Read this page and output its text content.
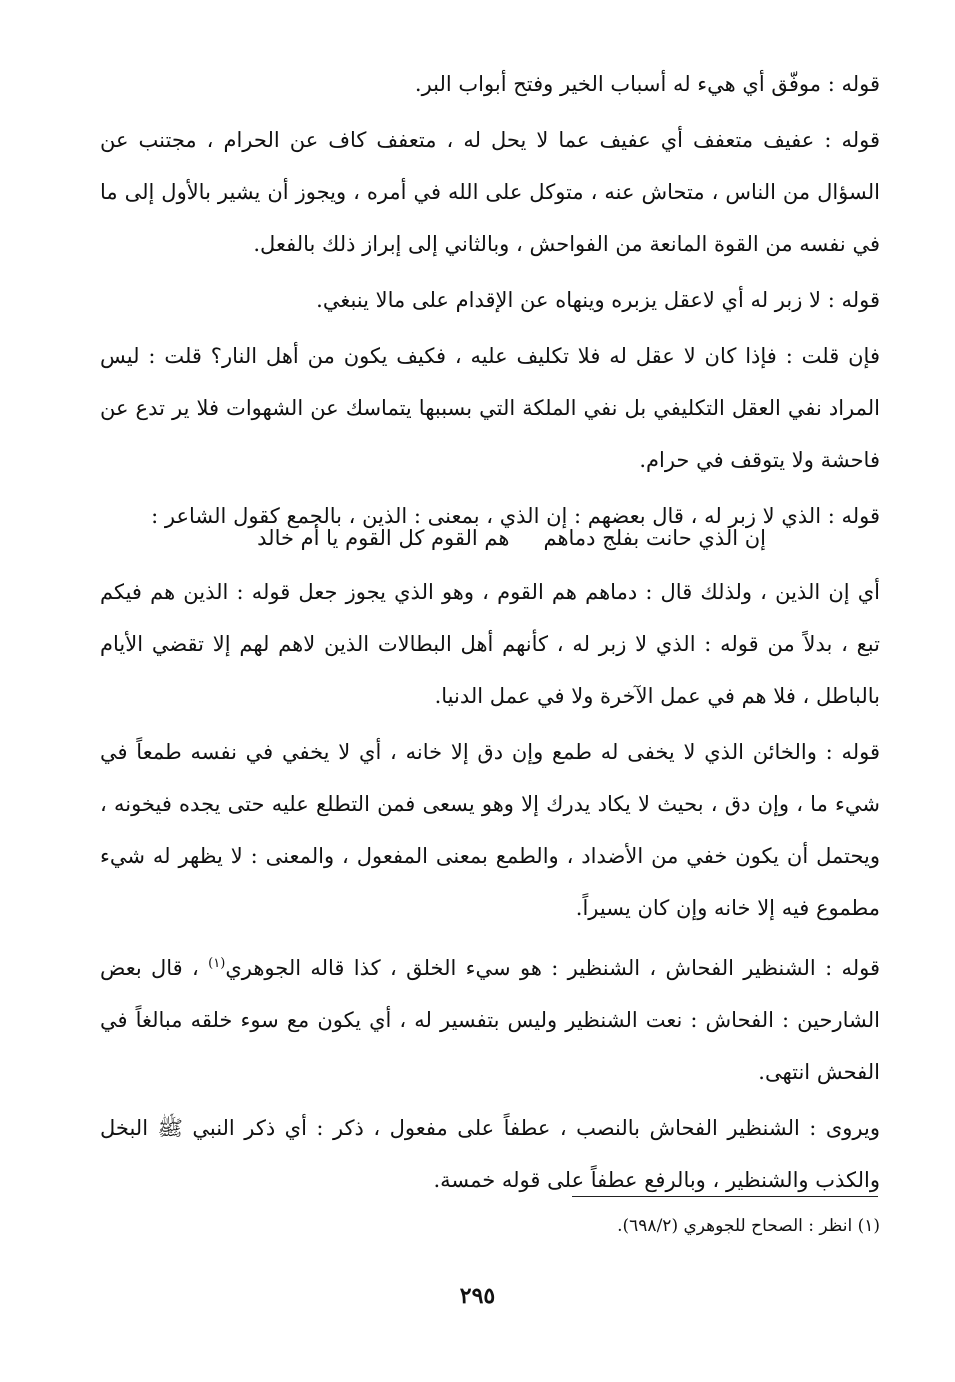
قوله : موفّق أي هيء له أسباب الخير وفتح أبواب البر.

قوله : عفيف متعفف أي عفيف عما لا يحل له ، متعفف كاف عن الحرام ، مجتنب عن السؤال من الناس ، متحاش عنه ، متوكل على الله في أمره ، ويجوز أن يشير بالأول إلى ما في نفسه من القوة المانعة من الفواحش ، وبالثاني إلى إبراز ذلك بالفعل.

قوله : لا زبر له أي لاعقل يزبره وينهاه عن الإقدام على مالا ينبغي.

فإن قلت : فإذا كان لا عقل له فلا تكليف عليه ، فكيف يكون من أهل النار؟ قلت : ليس المراد نفي العقل التكليفي بل نفي الملكة التي بسببها يتماسك عن الشهوات فلا ير تدع عن فاحشة ولا يتوقف في حرام.

قوله : الذي لا زبر له ، قال بعضهم : إن الذي ، بمعنى : الذين ، بالجمع كقول الشاعر :

إن الذي حانت بفلج دماهم
هم القوم كل القوم يا أم خالد

أي إن الذين ، ولذلك قال : دماهم هم القوم ، وهو الذي يجوز جعل قوله : الذين هم فيكم تبع ، بدلاً من قوله : الذي لا زبر له ، كأنهم أهل البطالات الذين لاهم لهم إلا تقضي الأيام بالباطل ، فلا هم في عمل الآخرة ولا في عمل الدنيا.

قوله : والخائن الذي لا يخفى له طمع وإن دق إلا خانه ، أي لا يخفي في نفسه طمعاً في شيء ما ، وإن دق ، بحيث لا يكاد يدرك إلا وهو يسعى فمن التطلع عليه حتى يجده فيخونه ، ويحتمل أن يكون خفي من الأضداد ، والطمع بمعنى المفعول ، والمعنى : لا يظهر له شيء مطموع فيه إلا خانه وإن كان يسيراً.

قوله : الشنظير الفحاش ، الشنظير : هو سيء الخلق ، كذا قاله الجوهري$^{(١)}$ ، قال بعض الشارحين : الفحاش : نعت الشنظير وليس بتفسير له ، أي يكون مع سوء خلقه مبالغاً في الفحش انتهى.

ويروى : الشنظير الفحاش بالنصب ، عطفاً على مفعول ، ذكر : أي ذكر النبي ﷺ البخل والكذب والشنظير ، وبالرفع عطفاً على قوله خمسة.

(١) انظر : الصحاح للجوهري (٦٩٨/٢).
٢٩٥
